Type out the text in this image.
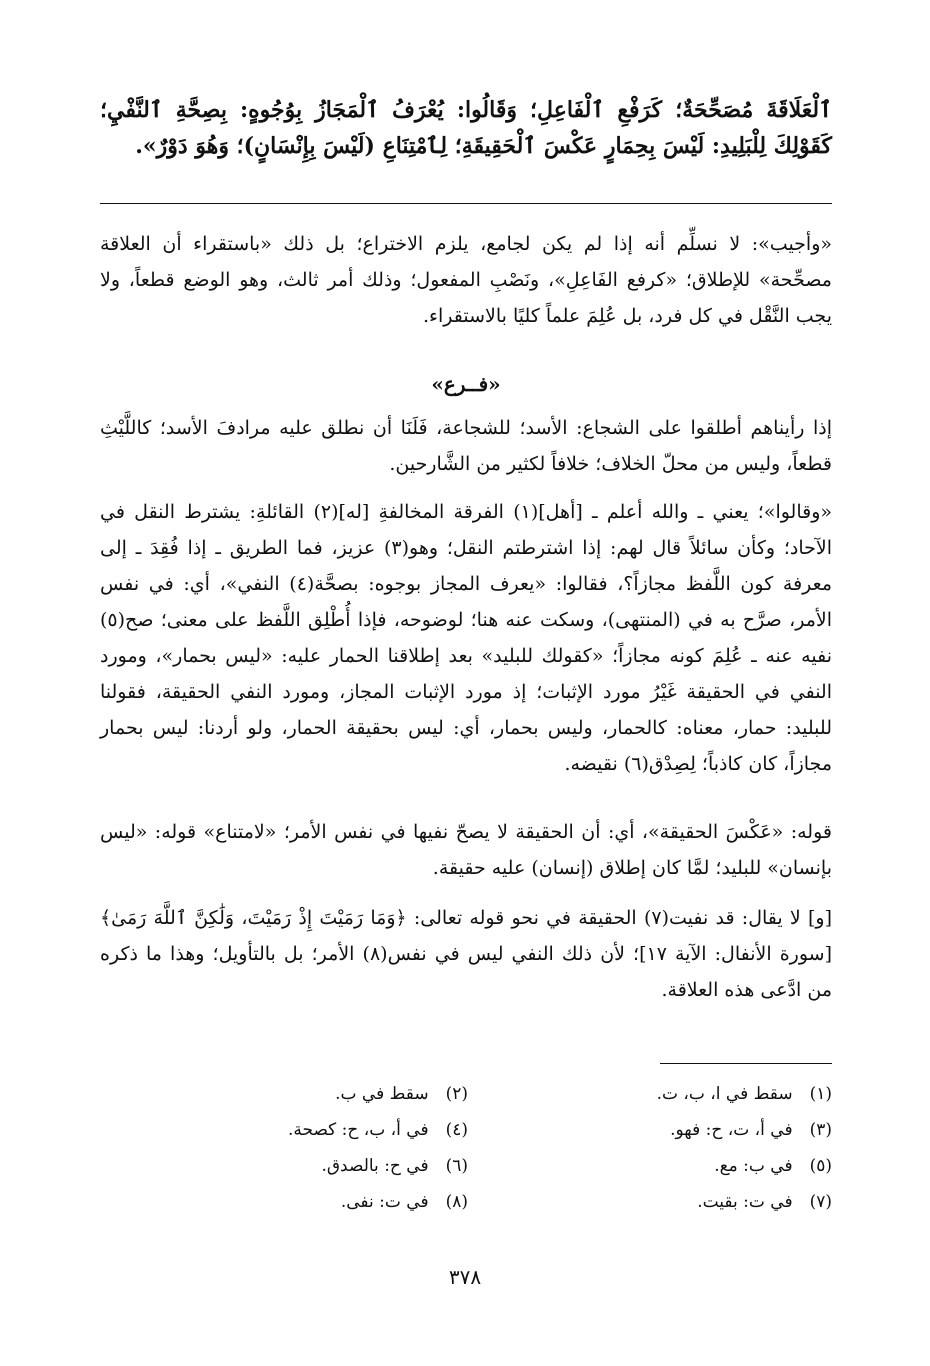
ٱلْعَلَاقَةَ مُصَحِّحَةٌ؛ كَرَفْعِ ٱلْفَاعِلِ؛ وَقَالُوا: يُعْرَفُ ٱلْمَجَازُ بِوُجُوهٍ: بِصِحَّةِ ٱلنَّفْيِ؛ كَقَوْلِكَ لِلْبَلِيدِ: لَيْسَ بِحِمَارٍ عَكْسَ ٱلْحَقِيقَةِ؛ لِٱمْتِنَاعِ (لَيْسَ بِإِنْسَانٍ)؛ وَهُوَ دَوْرٌ».
«وأجيب»: لا نسلِّم أنه إذا لم يكن لجامع، يلزم الاختراع؛ بل ذلك «باستقراء أن العلاقة مصحِّحة» للإطلاق؛ «كرفع الفَاعِلِ»، ونَصْبِ المفعول؛ وذلك أمر ثالث، وهو الوضع قطعاً، ولا يجب النَّقْل في كل فرد، بل عُلِمَ علماً كليًا بالاستقراء.
«فــرع»
إذا رأيناهم أطلقوا على الشجاع: الأسد؛ للشجاعة، فَلَنَا أن نطلق عليه مرادفَ الأسد؛ كاللَّيْثِ قطعاً، وليس من محلّ الخلاف؛ خلافاً لكثير من الشَّارحين.
«وقالوا»؛ يعني ـ والله أعلم ـ [أهل](١) الفرقة المخالفةِ [له](٢) القائلةِ: يشترط النقل في الآحاد؛ وكأن سائلاً قال لهم: إذا اشترطتم النقل؛ وهو(٣) عزيز، فما الطريق ـ إذا فُقِدَ ـ إلى معرفة كون اللَّفظ مجازاً؟، فقالوا: «يعرف المجاز بوجوه: بصحَّة(٤) النفي»، أي: في نفس الأمر، صرَّح به في (المنتهى)، وسكت عنه هنا؛ لوضوحه، فإذا أُطْلِق اللَّفظ على معنى؛ صح(٥) نفيه عنه ـ عُلِمَ كونه مجازاً؛ «كقولك للبليد» بعد إطلاقنا الحمار عليه: «ليس بحمار»، ومورد النفي في الحقيقة غَيْرُ مورد الإثبات؛ إذ مورد الإثبات المجاز، ومورد النفي الحقيقة، فقولنا للبليد: حمار، معناه: كالحمار، وليس بحمار، أي: ليس بحقيقة الحمار، ولو أردنا: ليس بحمار مجازاً، كان كاذباً؛ لِصِدْق(٦) نقيضه.
قوله: «عَكْسَ الحقيقة»، أي: أن الحقيقة لا يصحّ نفيها في نفس الأمر؛ «لامتناع» قوله: «ليس بإنسان» للبليد؛ لمَّا كان إطلاق (إنسان) عليه حقيقة.
[و] لا يقال: قد نفيت(٧) الحقيقة في نحو قوله تعالى: ﴿وَمَا رَمَيْتَ إِذْ رَمَيْتَ، وَلَٰكِنَّ ٱللَّهَ رَمَىٰ﴾ [سورة الأنفال: الآية ١٧]؛ لأن ذلك النفي ليس في نفس(٨) الأمر؛ بل بالتأويل؛ وهذا ما ذكره من ادَّعى هذه العلاقة.
(١) سقط في ا، ب، ت.
(٣) في أ، ت، ح: فهو.
(٥) في ب: مع.
(٧) في ت: بقيت.
(٢) سقط في ب.
(٤) في أ، ب، ح: كصحة.
(٦) في ح: بالصدق.
(٨) في ت: نفى.
٣٧٨
